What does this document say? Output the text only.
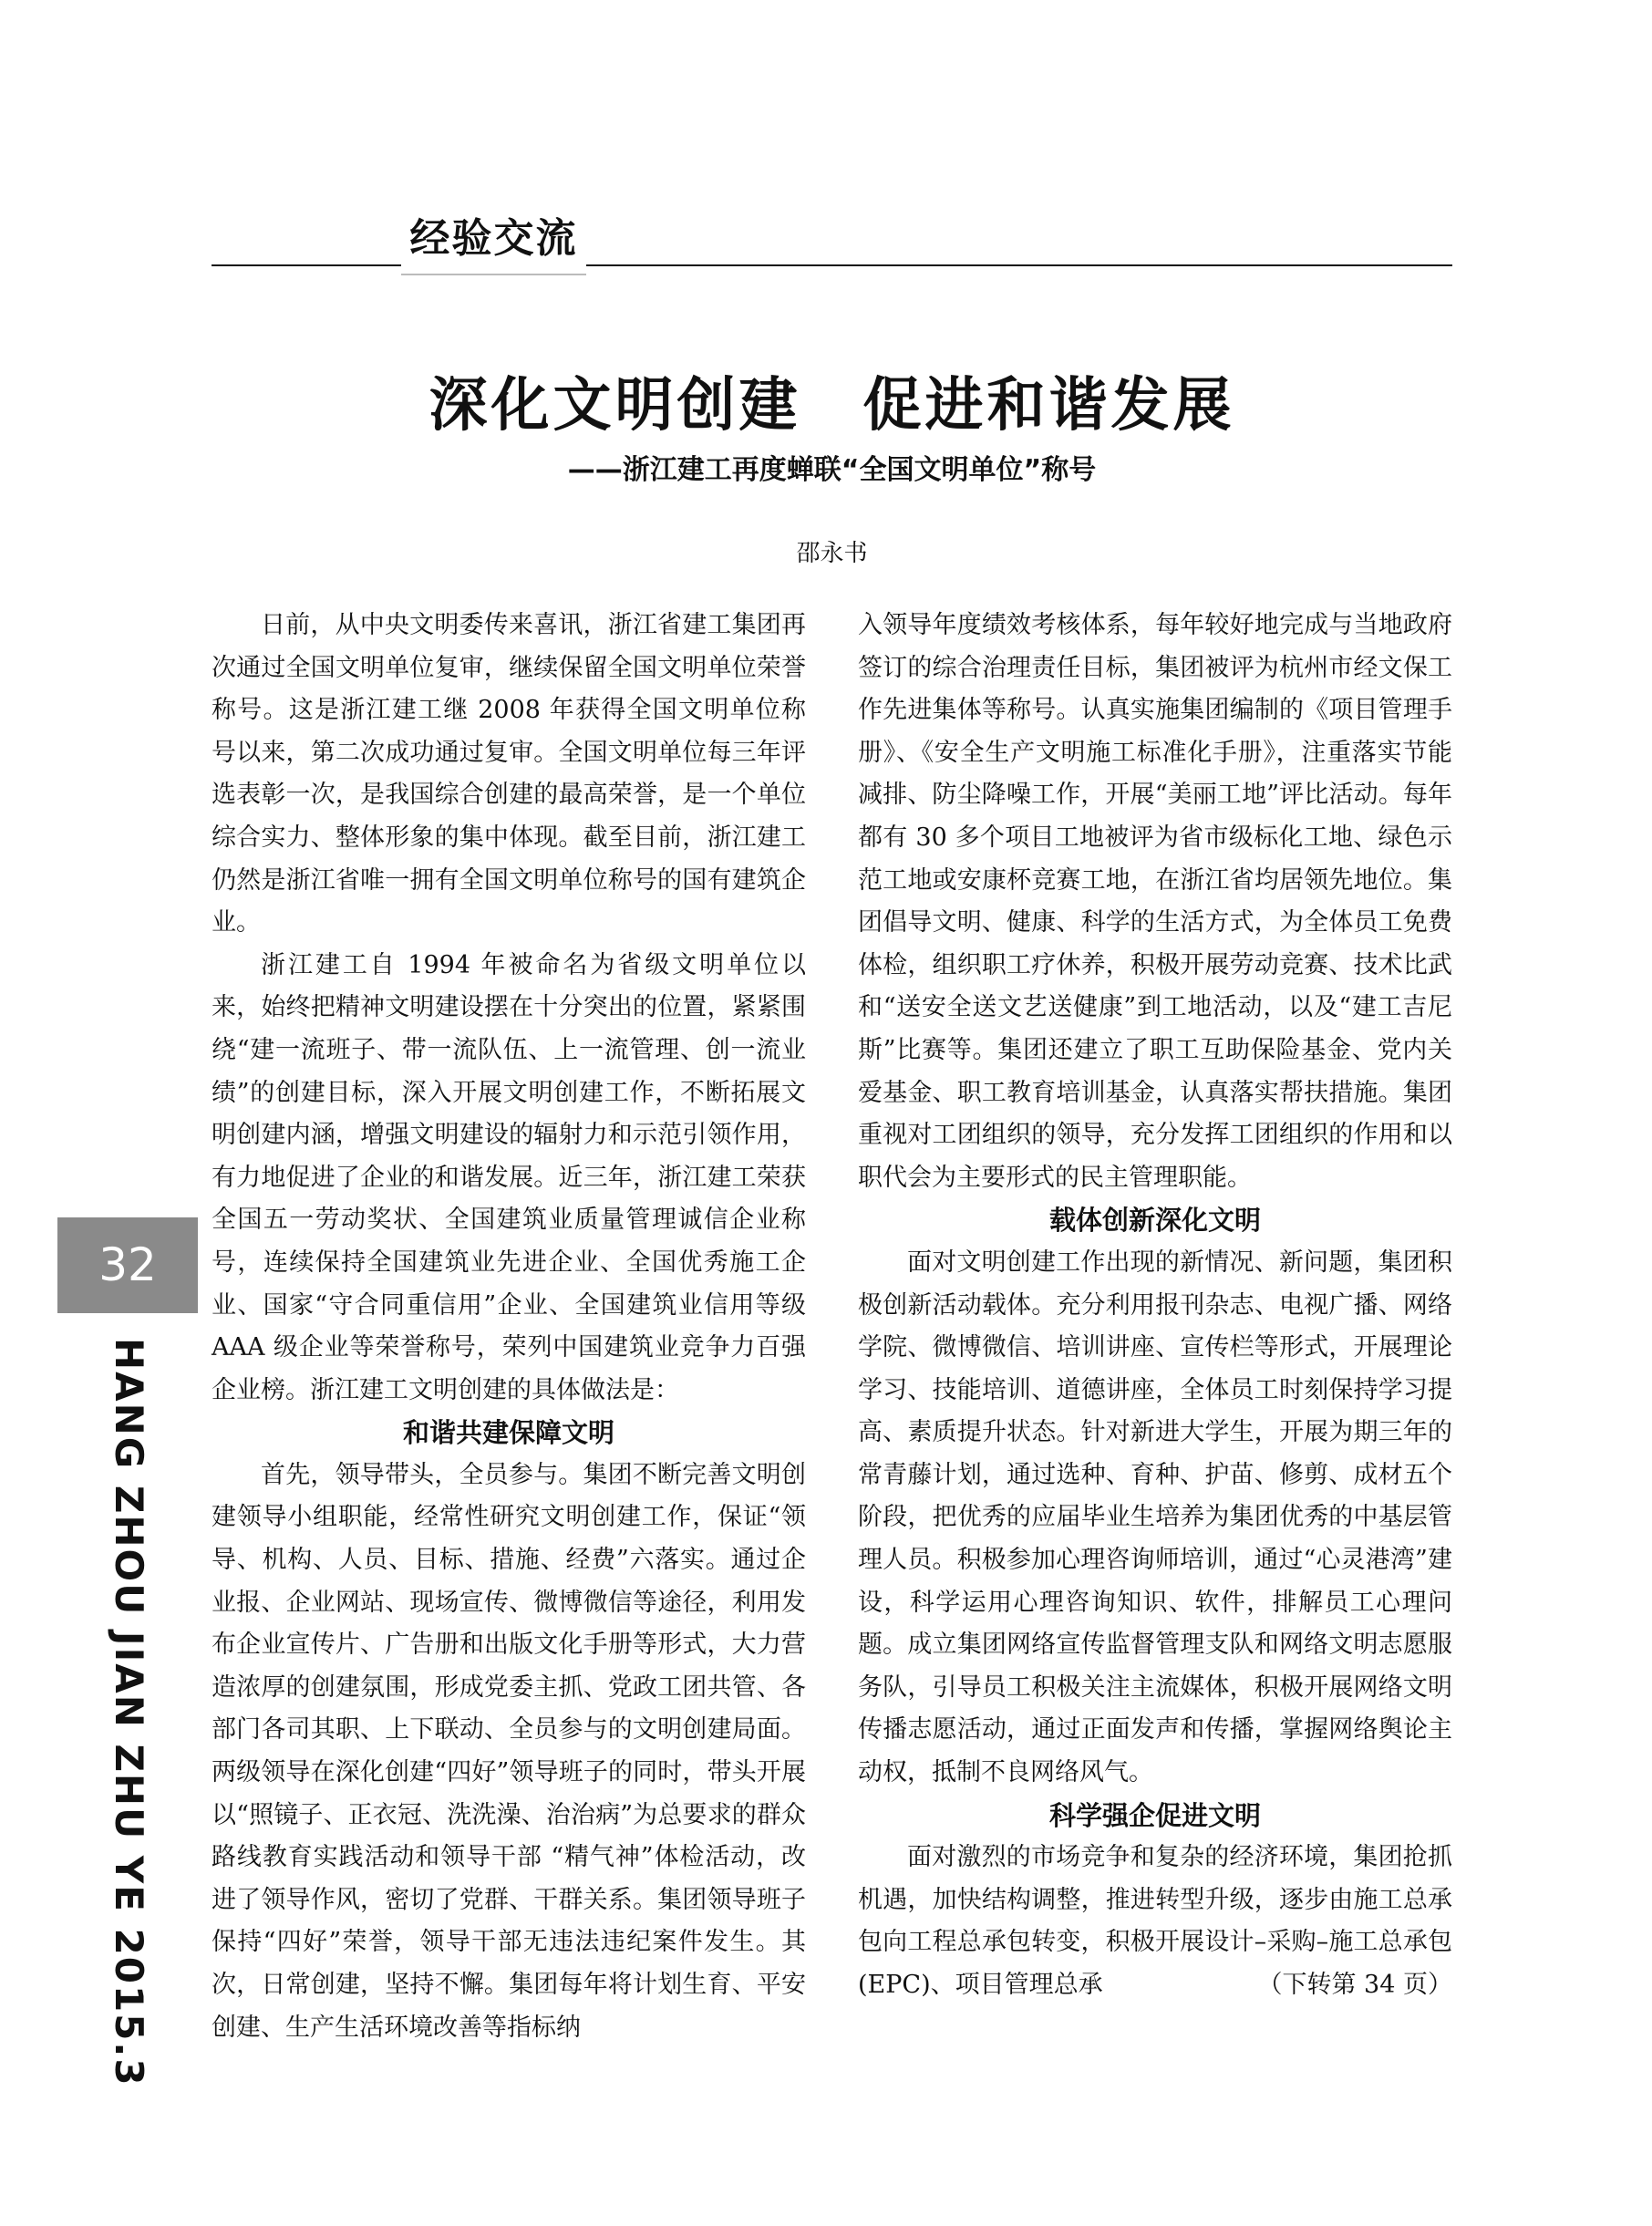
经验交流
深化文明创建　促进和谐发展
——浙江建工再度蝉联“全国文明单位”称号
邵永书

日前，从中央文明委传来喜讯，浙江省建工集团再次通过全国文明单位复审，继续保留全国文明单位荣誉称号。这是浙江建工继 2008 年获得全国文明单位称号以来，第二次成功通过复审。全国文明单位每三年评选表彰一次，是我国综合创建的最高荣誉，是一个单位综合实力、整体形象的集中体现。截至目前，浙江建工仍然是浙江省唯一拥有全国文明单位称号的国有建筑企业。

浙江建工自 1994 年被命名为省级文明单位以来，始终把精神文明建设摆在十分突出的位置，紧紧围绕“建一流班子、带一流队伍、上一流管理、创一流业绩”的创建目标，深入开展文明创建工作，不断拓展文明创建内涵，增强文明建设的辐射力和示范引领作用，有力地促进了企业的和谐发展。近三年，浙江建工荣获全国五一劳动奖状、全国建筑业质量管理诚信企业称号，连续保持全国建筑业先进企业、全国优秀施工企业、国家“守合同重信用”企业、全国建筑业信用等级 AAA 级企业等荣誉称号，荣列中国建筑业竞争力百强企业榜。浙江建工文明创建的具体做法是：

和谐共建保障文明

首先，领导带头，全员参与。集团不断完善文明创建领导小组职能，经常性研究文明创建工作，保证“领导、机构、人员、目标、措施、经费”六落实。通过企业报、企业网站、现场宣传、微博微信等途径，利用发布企业宣传片、广告册和出版文化手册等形式，大力营造浓厚的创建氛围，形成党委主抓、党政工团共管、各部门各司其职、上下联动、全员参与的文明创建局面。两级领导在深化创建“四好”领导班子的同时，带头开展以“照镜子、正衣冠、洗洗澡、治治病”为总要求的群众路线教育实践活动和领导干部 “精气神”体检活动，改进了领导作风，密切了党群、干群关系。集团领导班子保持“四好”荣誉，领导干部无违法违纪案件发生。其次，日常创建，坚持不懈。集团每年将计划生育、平安创建、生产生活环境改善等指标纳

入领导年度绩效考核体系，每年较好地完成与当地政府签订的综合治理责任目标，集团被评为杭州市经文保工作先进集体等称号。认真实施集团编制的《项目管理手册》、《安全生产文明施工标准化手册》，注重落实节能减排、防尘降噪工作，开展“美丽工地”评比活动。每年都有 30 多个项目工地被评为省市级标化工地、绿色示范工地或安康杯竞赛工地，在浙江省均居领先地位。集团倡导文明、健康、科学的生活方式，为全体员工免费体检，组织职工疗休养，积极开展劳动竞赛、技术比武和“送安全送文艺送健康”到工地活动，以及“建工吉尼斯”比赛等。集团还建立了职工互助保险基金、党内关爱基金、职工教育培训基金，认真落实帮扶措施。集团重视对工团组织的领导，充分发挥工团组织的作用和以职代会为主要形式的民主管理职能。

载体创新深化文明

面对文明创建工作出现的新情况、新问题，集团积极创新活动载体。充分利用报刊杂志、电视广播、网络学院、微博微信、培训讲座、宣传栏等形式，开展理论学习、技能培训、道德讲座，全体员工时刻保持学习提高、素质提升状态。针对新进大学生，开展为期三年的常青藤计划，通过选种、育种、护苗、修剪、成材五个阶段，把优秀的应届毕业生培养为集团优秀的中基层管理人员。积极参加心理咨询师培训，通过“心灵港湾”建设，科学运用心理咨询知识、软件，排解员工心理问题。成立集团网络宣传监督管理支队和网络文明志愿服务队，引导员工积极关注主流媒体，积极开展网络文明传播志愿活动，通过正面发声和传播，掌握网络舆论主动权，抵制不良网络风气。

科学强企促进文明

面对激烈的市场竞争和复杂的经济环境，集团抢抓机遇，加快结构调整，推进转型升级，逐步由施工总承包向工程总承包转变，积极开展设计–采购–施工总承包(EPC)、项目管理总承	（下转第 34 页）

32
HANG ZHOU JIAN ZHU YE 2015.3
